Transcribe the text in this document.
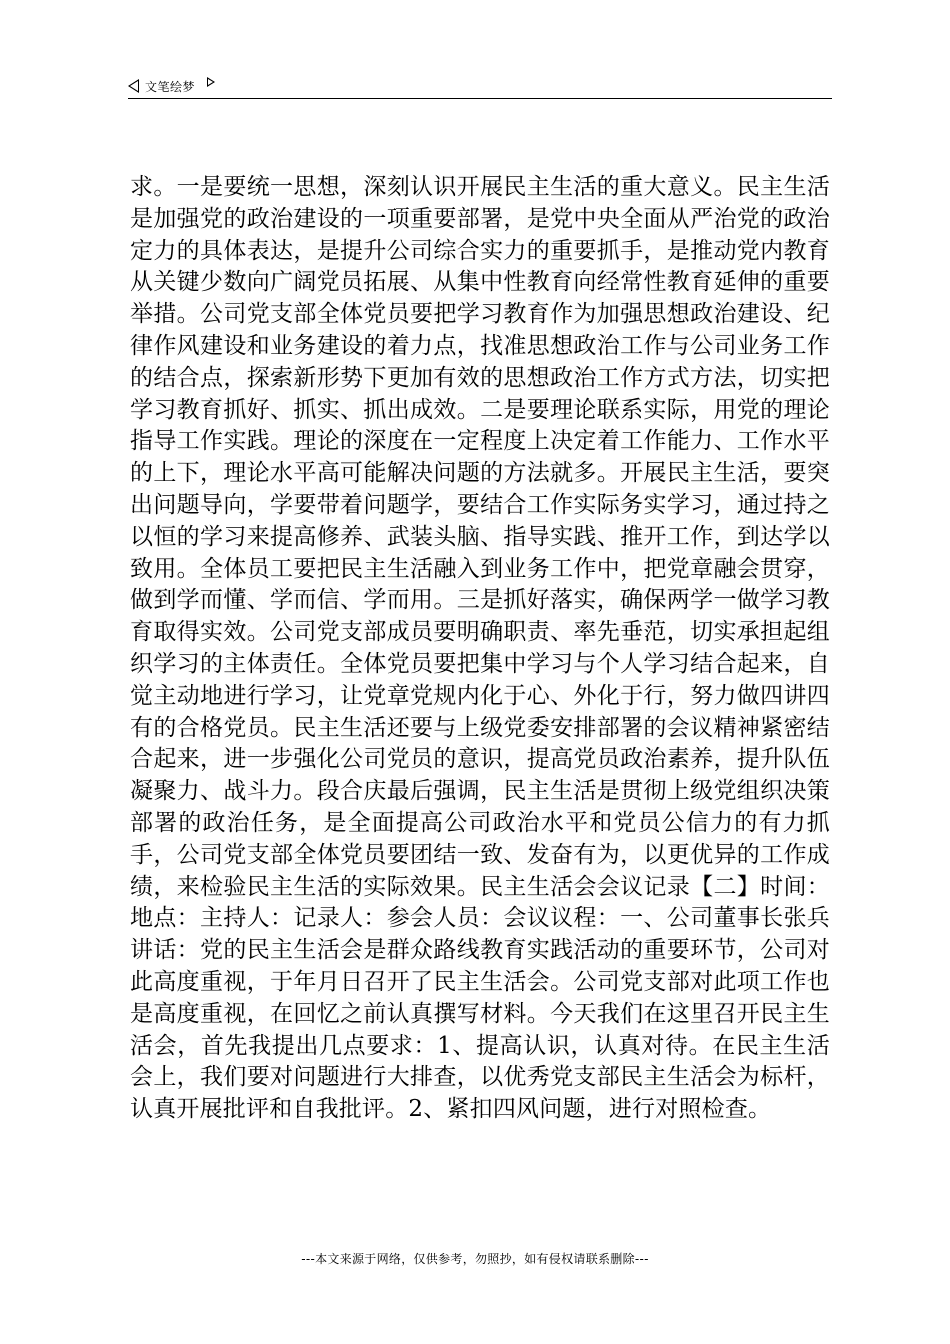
文笔绘梦
求。一是要统一思想，深刻认识开展民主生活的重大意义。民主生活是加强党的政治建设的一项重要部署，是党中央全面从严治党的政治定力的具体表达，是提升公司综合实力的重要抓手，是推动党内教育从关键少数向广阔党员拓展、从集中性教育向经常性教育延伸的重要举措。公司党支部全体党员要把学习教育作为加强思想政治建设、纪律作风建设和业务建设的着力点，找准思想政治工作与公司业务工作的结合点，探索新形势下更加有效的思想政治工作方式方法，切实把学习教育抓好、抓实、抓出成效。二是要理论联系实际，用党的理论指导工作实践。理论的深度在一定程度上决定着工作能力、工作水平的上下，理论水平高可能解决问题的方法就多。开展民主生活，要突出问题导向，学要带着问题学，要结合工作实际务实学习，通过持之以恒的学习来提高修养、武装头脑、指导实践、推开工作，到达学以致用。全体员工要把民主生活融入到业务工作中，把党章融会贯穿，做到学而懂、学而信、学而用。三是抓好落实，确保两学一做学习教育取得实效。公司党支部成员要明确职责、率先垂范，切实承担起组织学习的主体责任。全体党员要把集中学习与个人学习结合起来，自觉主动地进行学习，让党章党规内化于心、外化于行，努力做四讲四有的合格党员。民主生活还要与上级党委安排部署的会议精神紧密结合起来，进一步强化公司党员的意识，提高党员政治素养，提升队伍凝聚力、战斗力。段合庆最后强调，民主生活是贯彻上级党组织决策部署的政治任务，是全面提高公司政治水平和党员公信力的有力抓手，公司党支部全体党员要团结一致、发奋有为，以更优异的工作成绩，来检验民主生活的实际效果。民主生活会会议记录【二】时间：地点：主持人：记录人：参会人员：会议议程：一、公司董事长张兵讲话：党的民主生活会是群众路线教育实践活动的重要环节，公司对此高度重视，于年月日召开了民主生活会。公司党支部对此项工作也是高度重视，在回忆之前认真撰写材料。今天我们在这里召开民主生活会，首先我提出几点要求：1、提高认识，认真对待。在民主生活会上，我们要对问题进行大排查，以优秀党支部民主生活会为标杆，认真开展批评和自我批评。2、紧扣四风问题，进行对照检查。
---本文来源于网络，仅供参考，勿照抄，如有侵权请联系删除---
